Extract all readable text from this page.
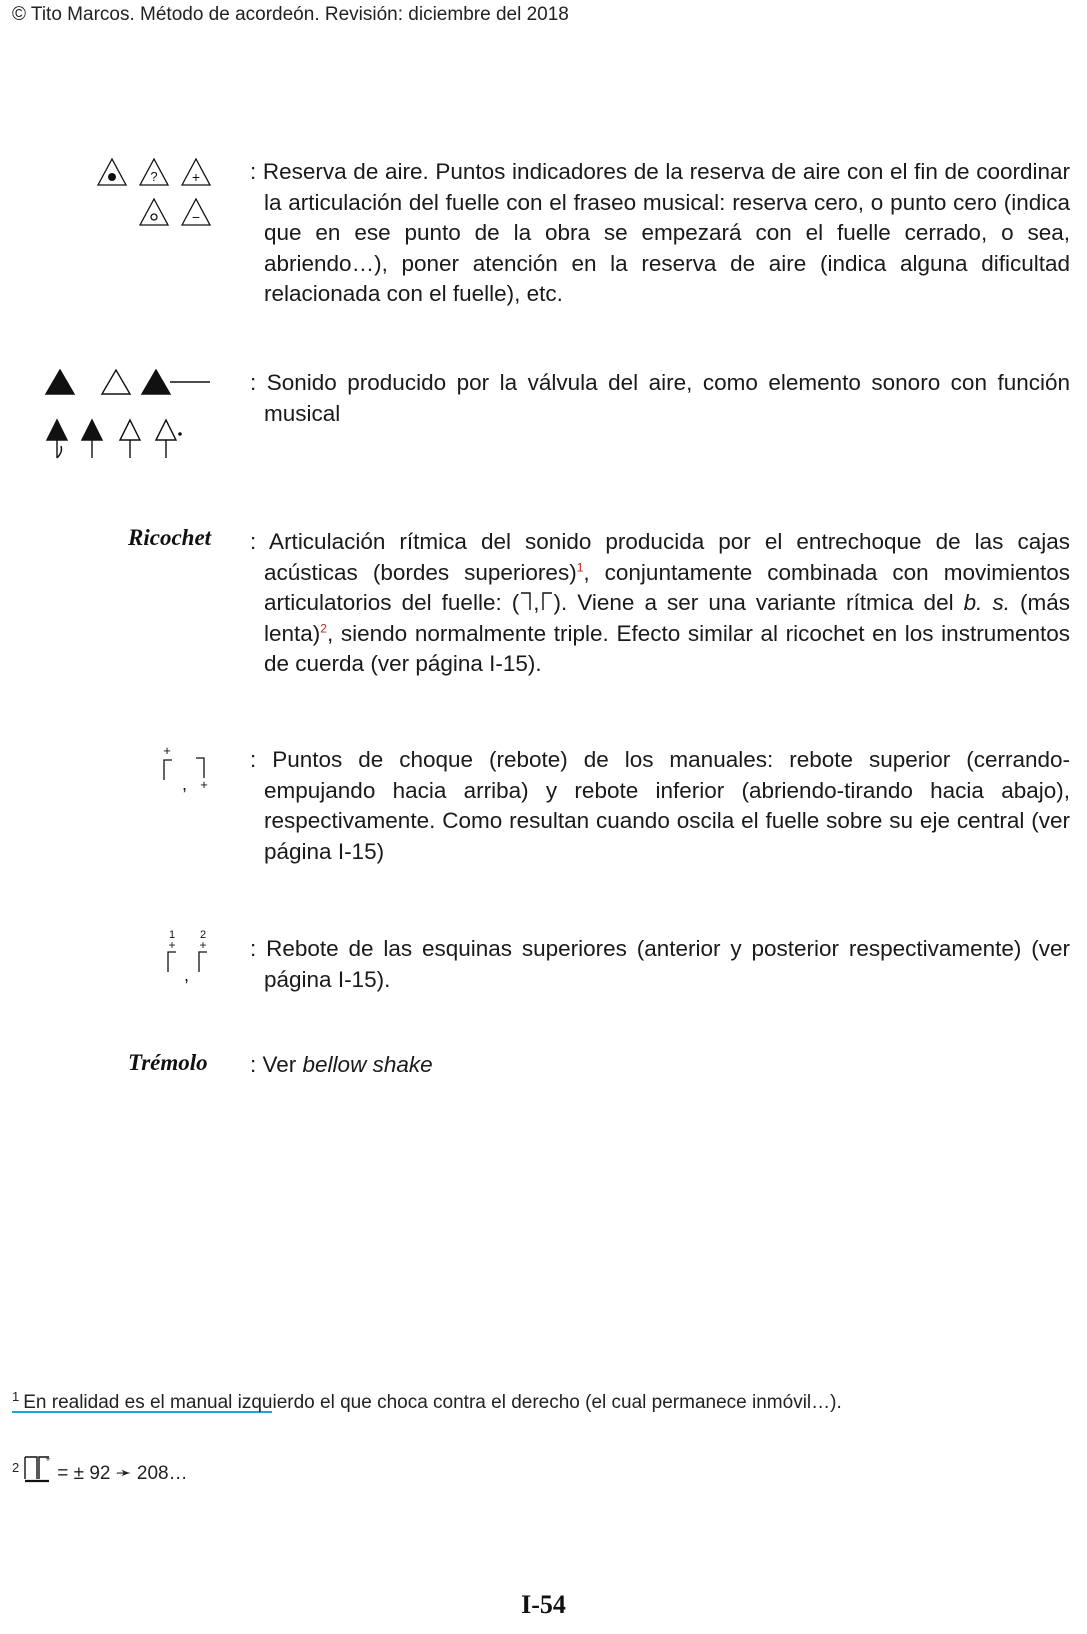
© Tito Marcos. Método de acordeón. Revisión: diciembre del 2018
? +
−
: Reserva de aire. Puntos indicadores de la reserva de aire con el fin de coordinar la articulación del fuelle con el fraseo musical: reserva cero, o punto cero (indica que en ese punto de la obra se empezará con el fuelle cerrado, o sea, abriendo…), poner atención en la reserva de aire (indica alguna dificultad relacionada con el fuelle), etc.
: Sonido producido por la válvula del aire, como elemento sonoro con función musical
Ricochet : Articulación rítmica del sonido producida por el entrechoque de las cajas acústicas (bordes superiores)$^1$, conjuntamente combinada con movimientos articulatorios del fuelle: ( , ). Viene a ser una variante rítmica del b. s. (más lenta)$^2$, siendo normalmente triple. Efecto similar al ricochet en los instrumentos de cuerda (ver página I-15).
+
, +
: Puntos de choque (rebote) de los manuales: rebote superior (cerrando-empujando hacia arriba) y rebote inferior (abriendo-tirando hacia abajo), respectivamente. Como resultan cuando oscila el fuelle sobre su eje central (ver página I-15)
1
+
,
2
+ : Rebote de las esquinas superiores (anterior y posterior respectivamente) (ver página I-15).
Trémolo : Ver bellow shake
$^1$ En realidad es el manual izquierdo el que choca contra el derecho (el cual permanece inmóvil…).
$^2$
+
= ± 92 ➛ 208…
I-54
